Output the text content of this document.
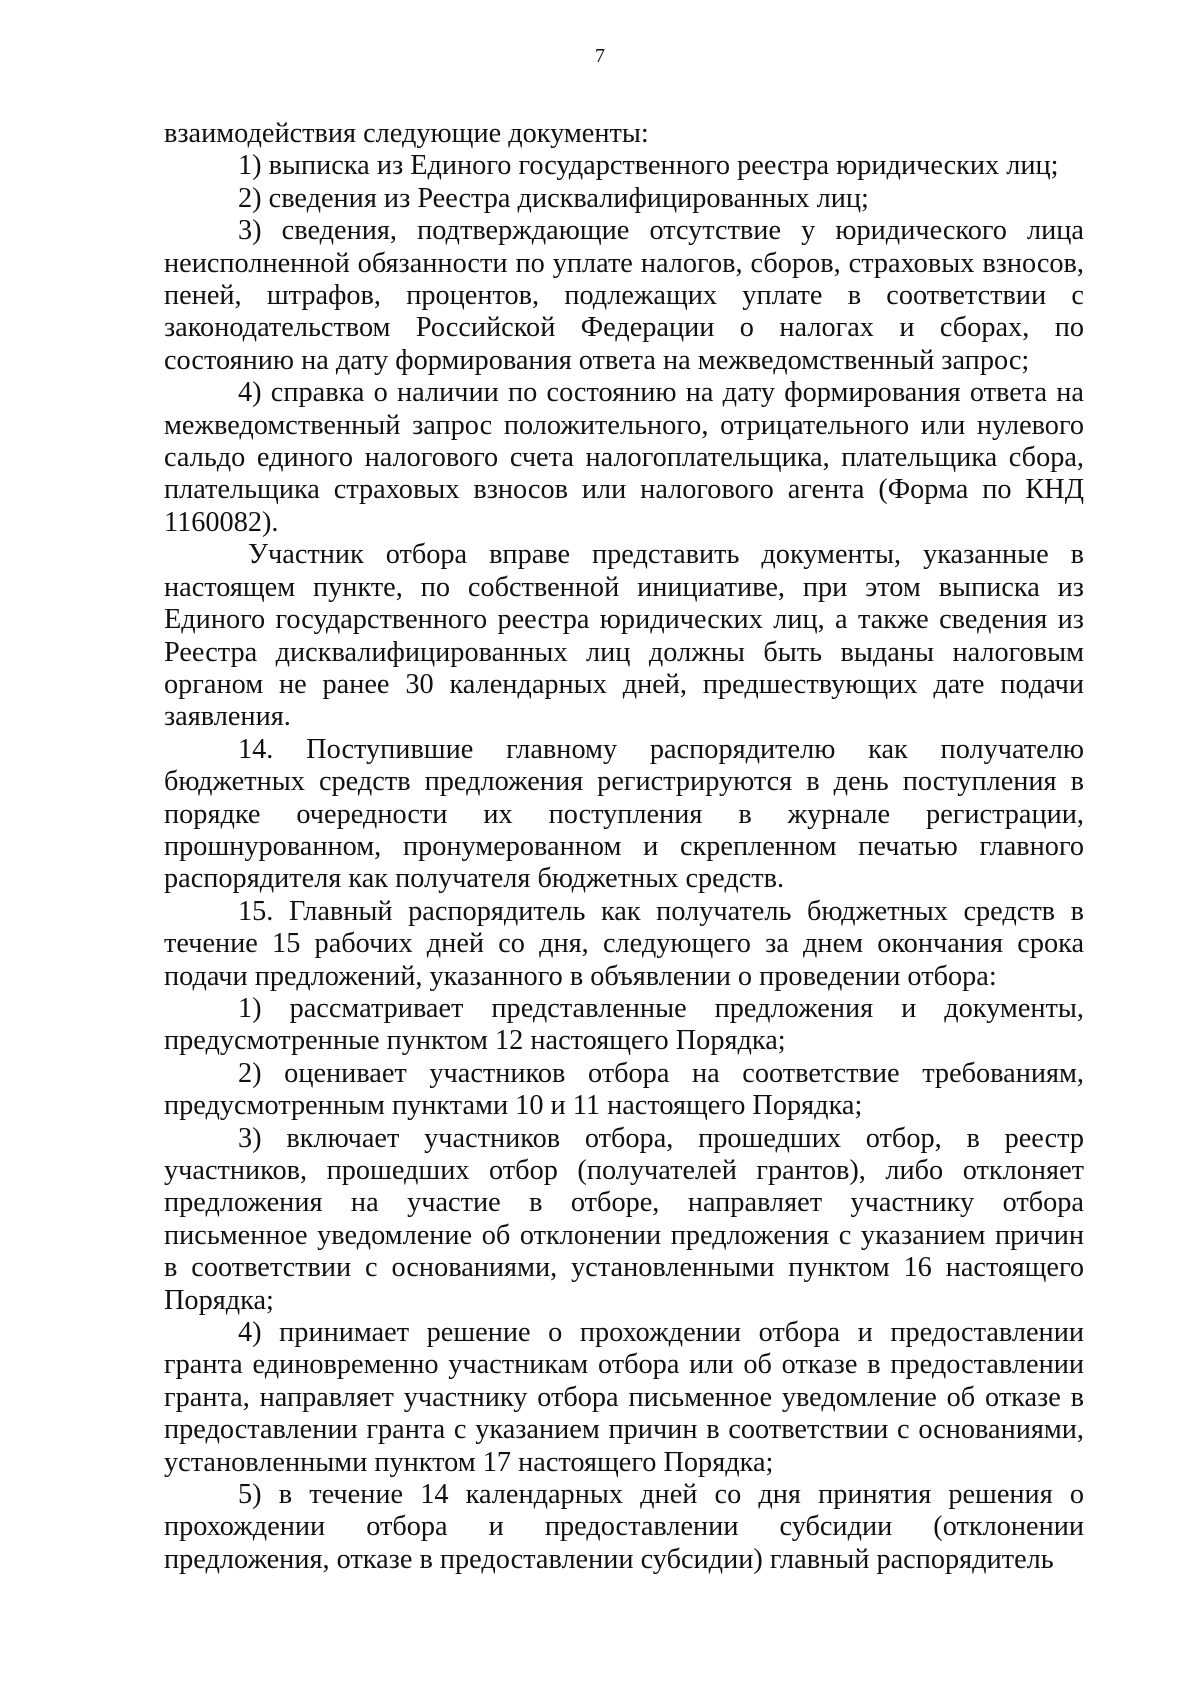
7

взаимодействия следующие документы:

1) выписка из Единого государственного реестра юридических лиц;

2) сведения из Реестра дисквалифицированных лиц;

3) сведения, подтверждающие отсутствие у юридического лица неисполненной обязанности по уплате налогов, сборов, страховых взносов, пеней, штрафов, процентов, подлежащих уплате в соответствии с законодательством Российской Федерации о налогах и сборах, по состоянию на дату формирования ответа на межведомственный запрос;

4) справка о наличии по состоянию на дату формирования ответа на межведомственный запрос положительного, отрицательного или нулевого сальдо единого налогового счета налогоплательщика, плательщика сбора, плательщика страховых взносов или налогового агента (Форма по КНД 1160082).

Участник отбора вправе представить документы, указанные в настоящем пункте, по собственной инициативе, при этом выписка из Единого государственного реестра юридических лиц, а также сведения из Реестра дисквалифицированных лиц должны быть выданы налоговым органом не ранее 30 календарных дней, предшествующих дате подачи заявления.

14. Поступившие главному распорядителю как получателю бюджетных средств предложения регистрируются в день поступления в порядке очередности их поступления в журнале регистрации, прошнурованном, пронумерованном и скрепленном печатью главного распорядителя как получателя бюджетных средств.

15. Главный распорядитель как получатель бюджетных средств в течение 15 рабочих дней со дня, следующего за днем окончания срока подачи предложений, указанного в объявлении о проведении отбора:

1) рассматривает представленные предложения и документы, предусмотренные пунктом 12 настоящего Порядка;

2) оценивает участников отбора на соответствие требованиям, предусмотренным пунктами 10 и 11 настоящего Порядка;

3) включает участников отбора, прошедших отбор, в реестр участников, прошедших отбор (получателей грантов), либо отклоняет предложения на участие в отборе, направляет участнику отбора письменное уведомление об отклонении предложения с указанием причин в соответствии с основаниями, установленными пунктом 16 настоящего Порядка;

4) принимает решение о прохождении отбора и предоставлении гранта единовременно участникам отбора или об отказе в предоставлении гранта, направляет участнику отбора письменное уведомление об отказе в предоставлении гранта с указанием причин в соответствии с основаниями, установленными пунктом 17 настоящего Порядка;

5) в течение 14 календарных дней со дня принятия решения о прохождении отбора и предоставлении субсидии (отклонении предложения, отказе в предоставлении субсидии) главный распорядитель
